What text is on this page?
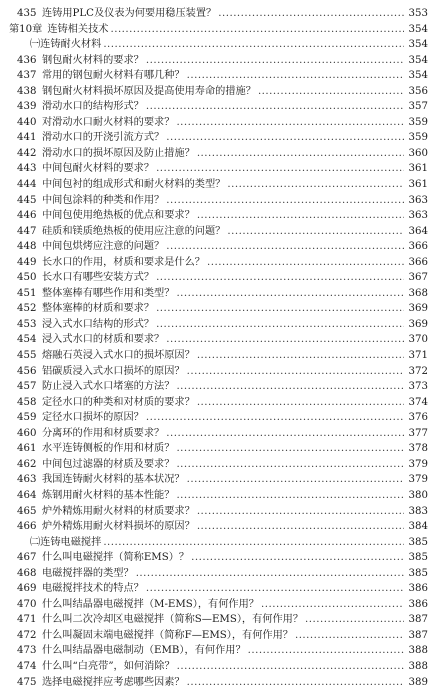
435 连铸用PLC及仪表为何要用稳压装置？ .....	353
第10章 连铸相关技术 .....	354
㈠连铸耐火材料 .....	354
436 钢包耐火材料的要求？ .....	354
437 常用的钢包耐火材料有哪几种？ .....	354
438 钢包耐火材料损坏原因及提高使用寿命的措施？ .....	356
439 滑动水口的结构形式？ .....	357
440 对滑动水口耐火材料的要求？ .....	359
441 滑动水口的开浇引流方式？ .....	359
442 滑动水口的损坏原因及防止措施？ .....	360
443 中间包耐火材料的要求？ .....	361
444 中间包衬的组成形式和耐火材料的类型？ .....	361
445 中间包涂料的种类和作用？ .....	363
446 中间包使用绝热板的优点和要求？ .....	363
447 硅质和镁质绝热板的使用应注意的问题？ .....	364
448 中间包烘烤应注意的问题？ .....	366
449 长水口的作用，材质和要求是什么？ .....	366
450 长水口有哪些安装方式？ .....	367
451 整体塞棒有哪些作用和类型？ .....	368
452 整体塞棒的材质和要求？ .....	369
453 浸入式水口结构的形式？ .....	369
454 浸入式水口的材质和要求？ .....	370
455 熔融石英浸入式水口的损坏原因？ .....	371
456 铝碳质浸入式水口损坏的原因？ .....	372
457 防止浸入式水口堵塞的方法？ .....	373
458 定径水口的种类和对材质的要求？ .....	374
459 定径水口损坏的原因？ .....	376
460 分离环的作用和材质要求？ .....	377
461 水平连铸侧板的作用和材质？ .....	378
462 中间包过滤器的材质及要求？ .....	379
463 我国连铸耐火材料的基本状况？ .....	379
464 炼钢用耐火材料的基本性能？ .....	380
465 炉外精炼用耐火材料的材质要求？ .....	383
466 炉外精炼用耐火材料损坏的原因？ .....	384
㈡连铸电磁搅拌 .....	385
467 什么叫电磁搅拌（简称EMS）？ .....	385
468 电磁搅拌器的类型？ .....	385
469 电磁搅拌技术的特点？ .....	386
470 什么叫结晶器电磁搅拌（M-EMS），有何作用？ .....	386
471 什么叫二次冷却区电磁搅拌（简称S—EMS），有何作用？ .....	387
472 什么叫凝固末端电磁搅拌（简称F—EMS），有何作用？ .....	387
473 什么叫结晶器电磁制动（EMB），有何作用？ .....	388
474 什么叫“白亮带”，如何消除？ .....	388
475 选择电磁搅拌应考虑哪些因素？ .....	389
